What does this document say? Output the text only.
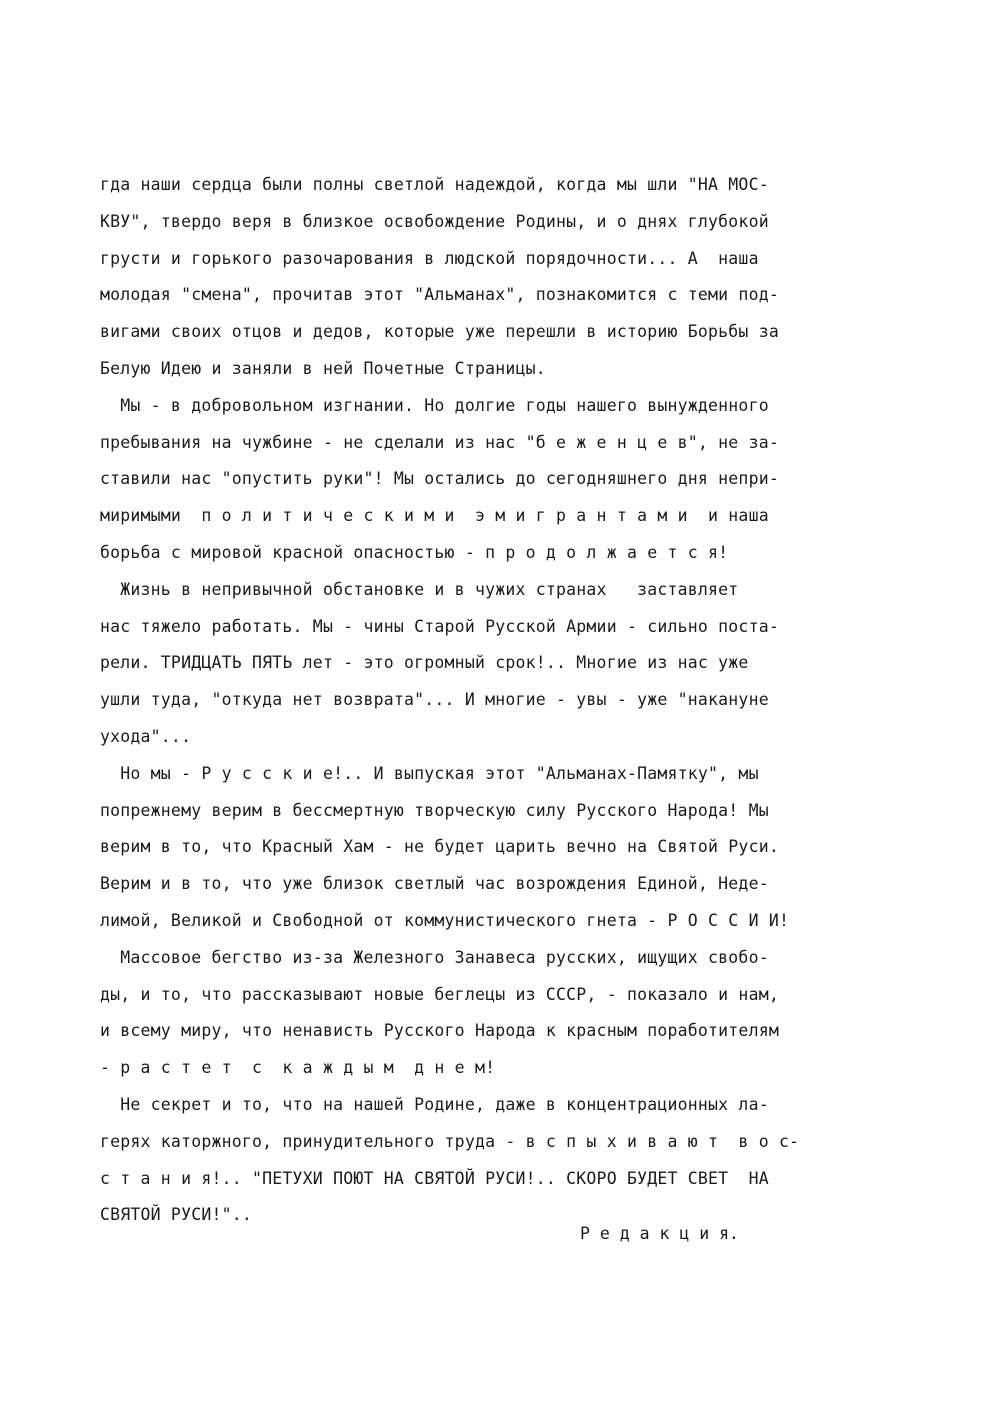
гда наши сердца были полны светлой надеждой, когда мы шли "НА МОС-
КВУ", твердо веря в близкое освобождение Родины, и о днях глубокой
грусти и горького разочарования в людской порядочности... А  наша
молодая "смена", прочитав этот "Альманах", познакомится с теми под-
вигами своих отцов и дедов, которые уже перешли в историю Борьбы за
Белую Идею и заняли в ней Почетные Страницы.
Мы - в добровольном изгнании. Но долгие годы нашего вынужденного
пребывания на чужбине - не сделали из нас "б е ж е н ц е в", не за-
ставили нас "опустить руки"! Мы остались до сегодняшнего дня непри-
миримыми  п о л и т и ч е с к и м и  э м и г р а н т а м и  и наша
борьба с мировой красной опасностью - п р о д о л ж а е т с я!
Жизнь в непривычной обстановке и в чужих странах   заставляет
нас тяжело работать. Мы - чины Старой Русской Армии - сильно поста-
рели. ТРИДЦАТЬ ПЯТЬ лет - это огромный срок!.. Многие из нас уже
ушли туда, "откуда нет возврата"... И многие - увы - уже "накануне
ухода"...
Но мы - Р у с с к и е!.. И выпуская этот "Альманах-Памятку", мы
попрежнему верим в бессмертную творческую силу Русского Народа! Мы
верим в то, что Красный Хам - не будет царить вечно на Святой Руси.
Верим и в то, что уже близок светлый час возрождения Единой, Неде-
лимой, Великой и Свободной от коммунистического гнета - Р О С С И И!
Массовое бегство из-за Железного Занавеса русских, ищущих свобо-
ды, и то, что рассказывают новые беглецы из СССР, - показало и нам,
и всему миру, что ненависть Русского Народа к красным поработителям
- р а с т е т  с  к а ж д ы м  д н е м!
Не секрет и то, что на нашей Родине, даже в концентрационных ла-
герях каторжного, принудительного труда - в с п ы х и в а ю т  в о с-
с т а н и я!.. "ПЕТУХИ ПОЮТ НА СВЯТОЙ РУСИ!.. СКОРО БУДЕТ СВЕТ  НА
СВЯТОЙ РУСИ!"..
Р е д а к ц и я.
